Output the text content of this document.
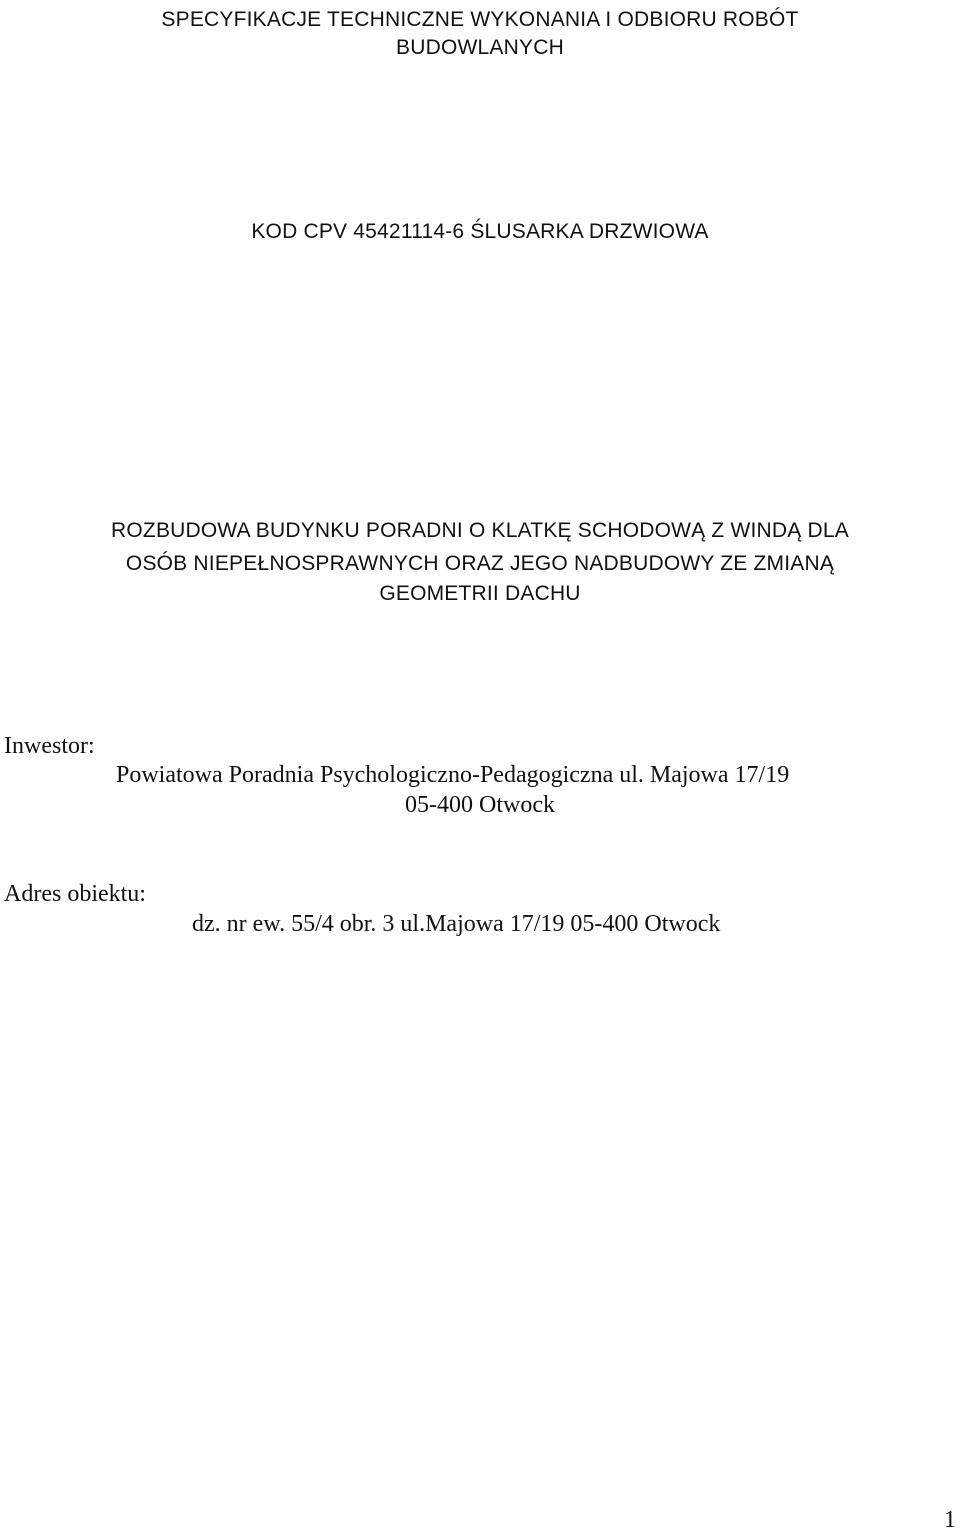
SPECYFIKACJE TECHNICZNE WYKONANIA I ODBIORU ROBÓT
BUDOWLANYCH
KOD CPV 45421114-6 ŚLUSARKA DRZWIOWA
ROZBUDOWA BUDYNKU PORADNI O KLATKĘ SCHODOWĄ Z WINDĄ DLA
OSÓB NIEPEŁNOSPRAWNYCH ORAZ JEGO NADBUDOWY ZE ZMIANĄ
GEOMETRII DACHU
Inwestor:
Powiatowa Poradnia Psychologiczno-Pedagogiczna ul. Majowa 17/19
05-400 Otwock
Adres obiektu:
dz. nr ew. 55/4 obr. 3 ul.Majowa 17/19 05-400 Otwock
1
